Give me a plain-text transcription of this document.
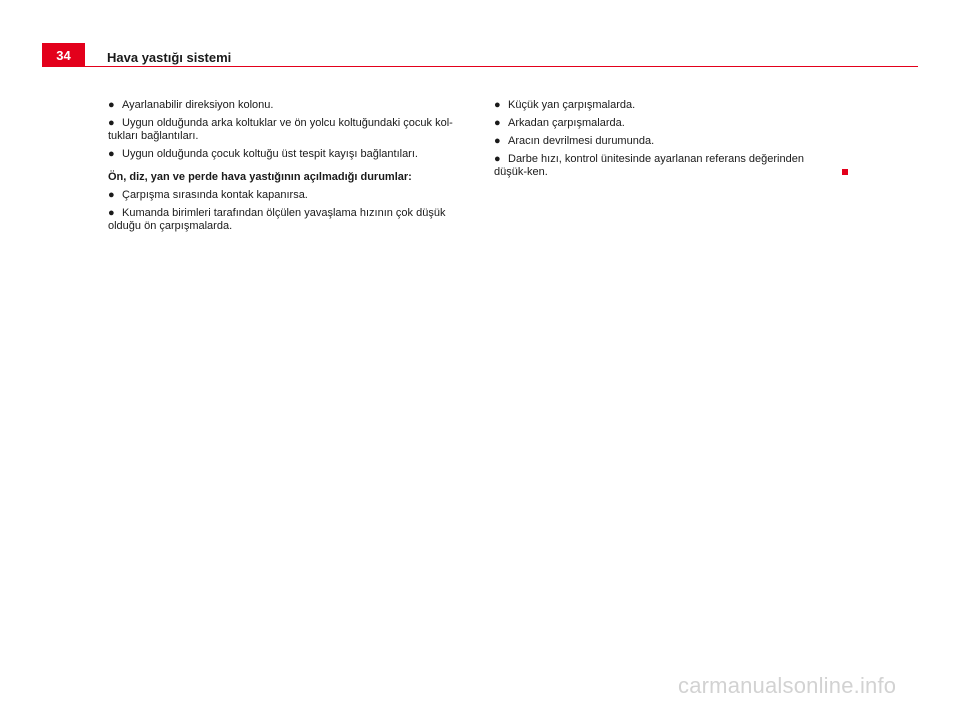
34	Hava yastığı sistemi

● Ayarlanabilir direksiyon kolonu.

● Uygun olduğunda arka koltuklar ve ön yolcu koltuğundaki çocuk kol-tukları bağlantıları.

● Uygun olduğunda çocuk koltuğu üst tespit kayışı bağlantıları.

Ön, diz, yan ve perde hava yastığının açılmadığı durumlar:

● Çarpışma sırasında kontak kapanırsa.

● Kumanda birimleri tarafından ölçülen yavaşlama hızının çok düşük olduğu ön çarpışmalarda.

● Küçük yan çarpışmalarda.

● Arkadan çarpışmalarda.

● Aracın devrilmesi durumunda.

● Darbe hızı, kontrol ünitesinde ayarlanan referans değerinden düşük-ken.

carmanualsonline.info
